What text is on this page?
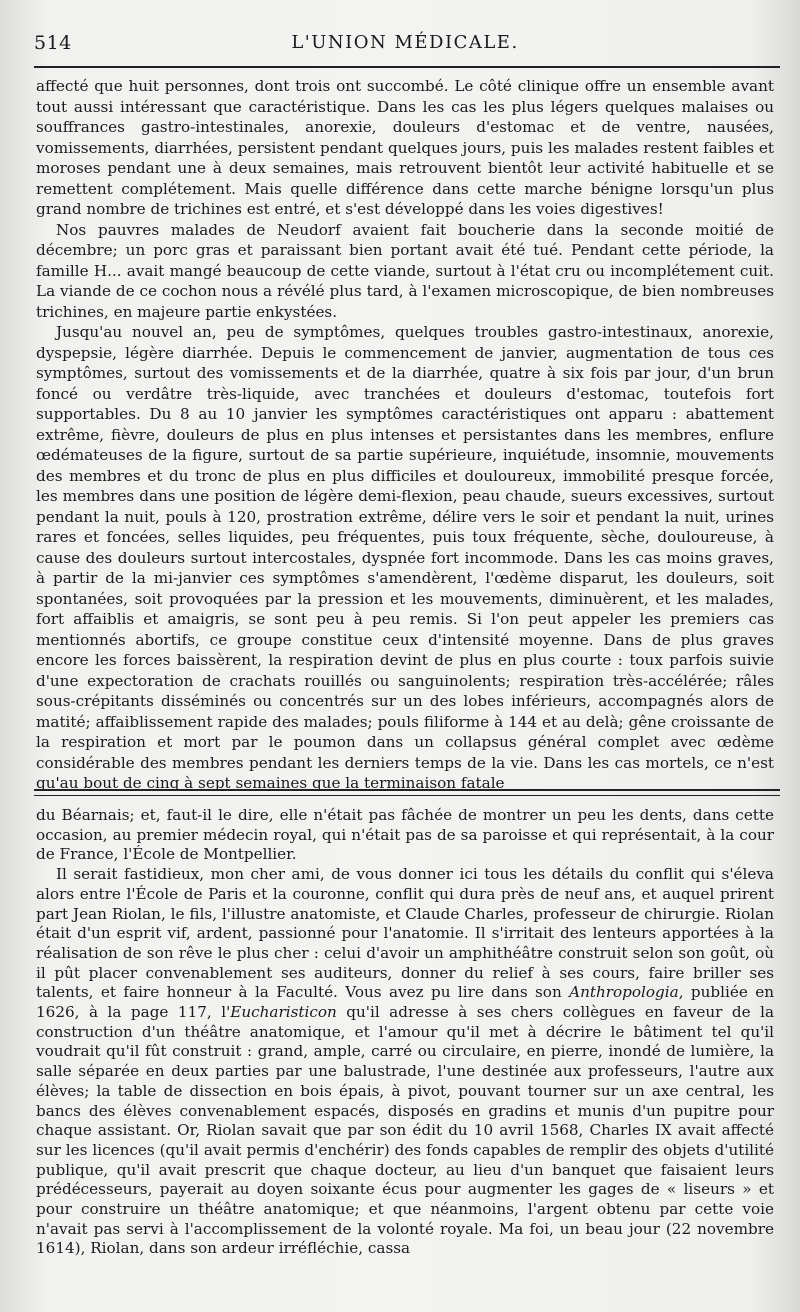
514	L'UNION MÉDICALE.

affecté que huit personnes, dont trois ont succombé. Le côté clinique offre un ensemble avant tout aussi intéressant que caractéristique. Dans les cas les plus légers quelques malaises ou souffrances gastro-intestinales, anorexie, douleurs d'estomac et de ventre, nausées, vomissements, diarrhées, persistent pendant quelques jours, puis les malades restent faibles et moroses pendant une à deux semaines, mais retrouvent bientôt leur activité habituelle et se remettent complétement. Mais quelle différence dans cette marche bénigne lorsqu'un plus grand nombre de trichines est entré, et s'est développé dans les voies digestives!

Nos pauvres malades de Neudorf avaient fait boucherie dans la seconde moitié de décembre; un porc gras et paraissant bien portant avait été tué. Pendant cette période, la famille H... avait mangé beaucoup de cette viande, surtout à l'état cru ou incomplétement cuit. La viande de ce cochon nous a révélé plus tard, à l'examen microscopique, de bien nombreuses trichines, en majeure partie enkystées.

Jusqu'au nouvel an, peu de symptômes, quelques troubles gastro-intestinaux, anorexie, dyspepsie, légère diarrhée. Depuis le commencement de janvier, augmentation de tous ces symptômes, surtout des vomissements et de la diarrhée, quatre à six fois par jour, d'un brun foncé ou verdâtre très-liquide, avec tranchées et douleurs d'estomac, toutefois fort supportables. Du 8 au 10 janvier les symptômes caractéristiques ont apparu : abattement extrême, fièvre, douleurs de plus en plus intenses et persistantes dans les membres, enflure œdémateuses de la figure, surtout de sa partie supérieure, inquiétude, insomnie, mouvements des membres et du tronc de plus en plus difficiles et douloureux, immobilité presque forcée, les membres dans une position de légère demi-flexion, peau chaude, sueurs excessives, surtout pendant la nuit, pouls à 120, prostration extrême, délire vers le soir et pendant la nuit, urines rares et foncées, selles liquides, peu fréquentes, puis toux fréquente, sèche, douloureuse, à cause des douleurs surtout intercostales, dyspnée fort incommode. Dans les cas moins graves, à partir de la mi-janvier ces symptômes s'amendèrent, l'œdème disparut, les douleurs, soit spontanées, soit provoquées par la pression et les mouvements, diminuèrent, et les malades, fort affaiblis et amaigris, se sont peu à peu remis. Si l'on peut appeler les premiers cas mentionnés abortifs, ce groupe constitue ceux d'intensité moyenne. Dans de plus graves encore les forces baissèrent, la respiration devint de plus en plus courte : toux parfois suivie d'une expectoration de crachats rouillés ou sanguinolents; respiration très-accélérée; râles sous-crépitants disséminés ou concentrés sur un des lobes inférieurs, accompagnés alors de matité; affaiblissement rapide des malades; pouls filiforme à 144 et au delà; gêne croissante de la respiration et mort par le poumon dans un collapsus général complet avec œdème considérable des membres pendant les derniers temps de la vie. Dans les cas mortels, ce n'est qu'au bout de cinq à sept semaines que la terminaison fatale

du Béarnais; et, faut-il le dire, elle n'était pas fâchée de montrer un peu les dents, dans cette occasion, au premier médecin royal, qui n'était pas de sa paroisse et qui représentait, à la cour de France, l'École de Montpellier.

Il serait fastidieux, mon cher ami, de vous donner ici tous les détails du conflit qui s'éleva alors entre l'École de Paris et la couronne, conflit qui dura près de neuf ans, et auquel prirent part Jean Riolan, le fils, l'illustre anatomiste, et Claude Charles, professeur de chirurgie. Riolan était d'un esprit vif, ardent, passionné pour l'anatomie. Il s'irritait des lenteurs apportées à la réalisation de son rêve le plus cher : celui d'avoir un amphithéâtre construit selon son goût, où il pût placer convenablement ses auditeurs, donner du relief à ses cours, faire briller ses talents, et faire honneur à la Faculté. Vous avez pu lire dans son Anthropologia, publiée en 1626, à la page 117, l'Eucharisticon qu'il adresse à ses chers collègues en faveur de la construction d'un théâtre anatomique, et l'amour qu'il met à décrire le bâtiment tel qu'il voudrait qu'il fût construit : grand, ample, carré ou circulaire, en pierre, inondé de lumière, la salle séparée en deux parties par une balustrade, l'une destinée aux professeurs, l'autre aux élèves; la table de dissection en bois épais, à pivot, pouvant tourner sur un axe central, les bancs des élèves convenablement espacés, disposés en gradins et munis d'un pupitre pour chaque assistant. Or, Riolan savait que par son édit du 10 avril 1568, Charles IX avait affecté sur les licences (qu'il avait permis d'enchérir) des fonds capables de remplir des objets d'utilité publique, qu'il avait prescrit que chaque docteur, au lieu d'un banquet que faisaient leurs prédécesseurs, payerait au doyen soixante écus pour augmenter les gages de « liseurs » et pour construire un théâtre anatomique; et que néanmoins, l'argent obtenu par cette voie n'avait pas servi à l'accomplissement de la volonté royale. Ma foi, un beau jour (22 novembre 1614), Riolan, dans son ardeur irréfléchie, cassa
